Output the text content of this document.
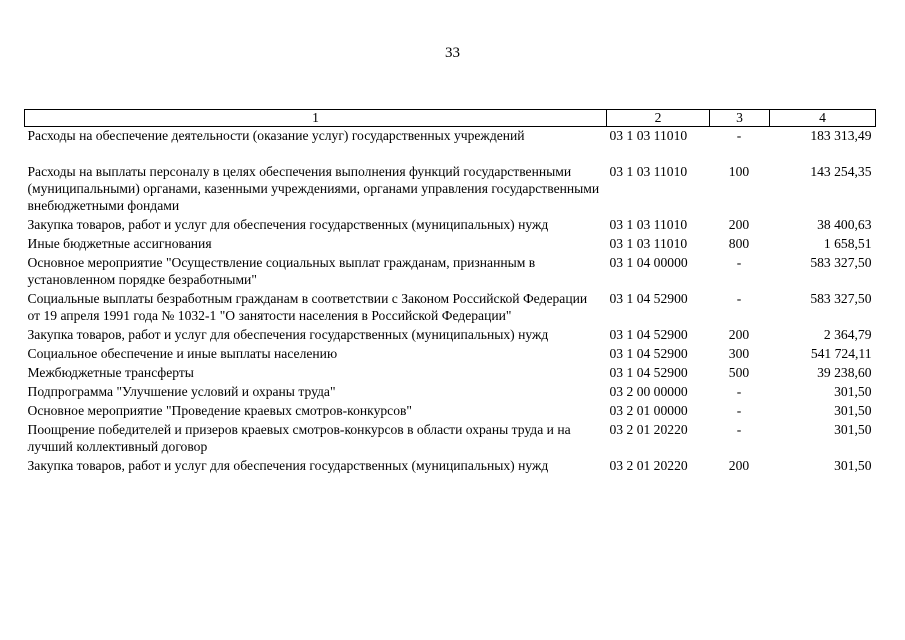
33
1	2	3	4
Расходы на обеспечение деятельности (оказание услуг) государственных учреждений	03 1 03 11010	-	183 313,49
Расходы на выплаты персоналу в целях обеспечения выполнения функций государственными (муниципальными) органами, казенными учреждениями, органами управления государственными внебюджетными фондами	03 1 03 11010	100	143 254,35
Закупка товаров, работ и услуг для обеспечения государственных (муниципальных) нужд	03 1 03 11010	200	38 400,63
Иные бюджетные ассигнования	03 1 03 11010	800	1 658,51
Основное мероприятие "Осуществление социальных выплат гражданам, признанным в установленном порядке безработными"	03 1 04 00000	-	583 327,50
Социальные выплаты безработным гражданам в соответствии с Законом Российской Федерации от 19 апреля 1991 года № 1032-1 "О занятости населения в Российской Федерации"	03 1 04 52900	-	583 327,50
Закупка товаров, работ и услуг для обеспечения государственных (муниципальных) нужд	03 1 04 52900	200	2 364,79
Социальное обеспечение и иные выплаты населению	03 1 04 52900	300	541 724,11
Межбюджетные трансферты	03 1 04 52900	500	39 238,60
Подпрограмма "Улучшение условий и охраны труда"	03 2 00 00000	-	301,50
Основное мероприятие "Проведение краевых смотров-конкурсов"	03 2 01 00000	-	301,50
Поощрение победителей и призеров краевых смотров-конкурсов в области охраны труда и на лучший коллективный договор	03 2 01 20220	-	301,50
Закупка товаров, работ и услуг для обеспечения государственных (муниципальных) нужд	03 2 01 20220	200	301,50
